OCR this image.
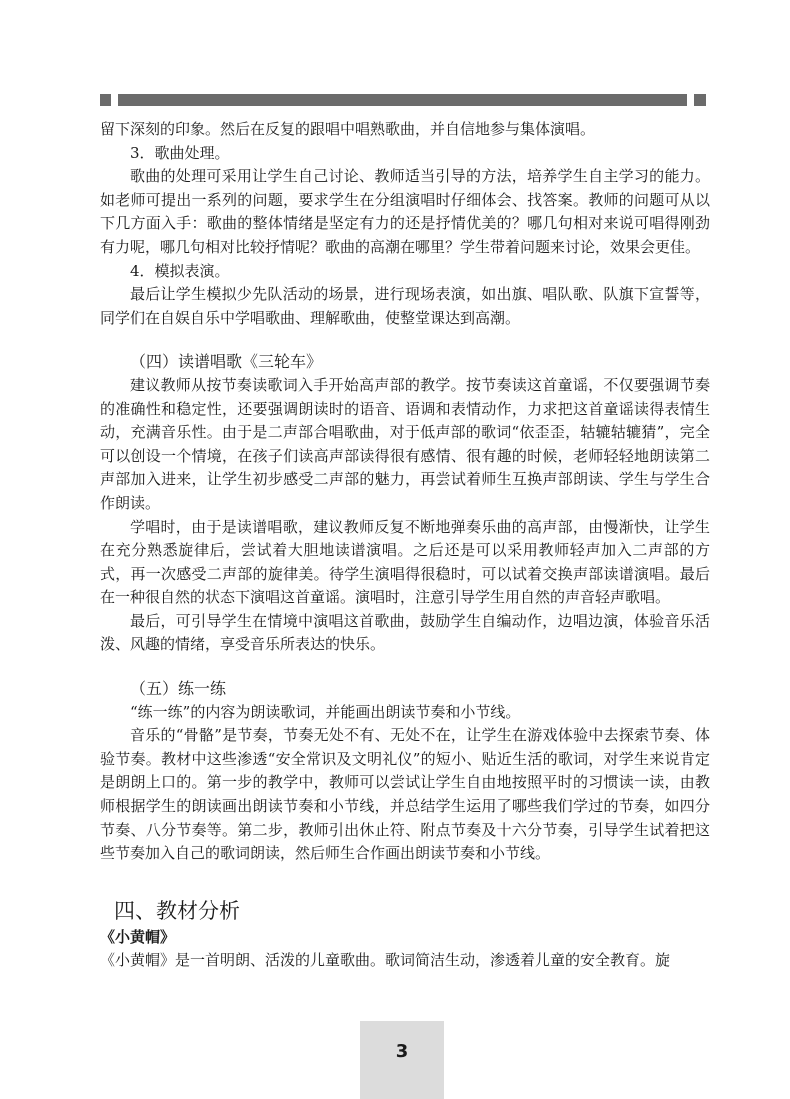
留下深刻的印象。然后在反复的跟唱中唱熟歌曲，并自信地参与集体演唱。

3．歌曲处理。

歌曲的处理可采用让学生自己讨论、教师适当引导的方法，培养学生自主学习的能力。如老师可提出一系列的问题，要求学生在分组演唱时仔细体会、找答案。教师的问题可从以下几方面入手：歌曲的整体情绪是坚定有力的还是抒情优美的？哪几句相对来说可唱得刚劲有力呢，哪几句相对比较抒情呢？歌曲的高潮在哪里？学生带着问题来讨论，效果会更佳。

4．模拟表演。

最后让学生模拟少先队活动的场景，进行现场表演，如出旗、唱队歌、队旗下宣誓等，同学们在自娱自乐中学唱歌曲、理解歌曲，使整堂课达到高潮。

（四）读谱唱歌《三轮车》

建议教师从按节奏读歌词入手开始高声部的教学。按节奏读这首童谣，不仅要强调节奏的准确性和稳定性，还要强调朗读时的语音、语调和表情动作，力求把这首童谣读得表情生动，充满音乐性。由于是二声部合唱歌曲，对于低声部的歌词“依歪歪，轱辘轱辘猜”，完全可以创设一个情境，在孩子们读高声部读得很有感情、很有趣的时候，老师轻轻地朗读第二声部加入进来，让学生初步感受二声部的魅力，再尝试着师生互换声部朗读、学生与学生合作朗读。

学唱时，由于是读谱唱歌，建议教师反复不断地弹奏乐曲的高声部，由慢渐快，让学生在充分熟悉旋律后，尝试着大胆地读谱演唱。之后还是可以采用教师轻声加入二声部的方式，再一次感受二声部的旋律美。待学生演唱得很稳时，可以试着交换声部读谱演唱。最后在一种很自然的状态下演唱这首童谣。演唱时，注意引导学生用自然的声音轻声歌唱。

最后，可引导学生在情境中演唱这首歌曲，鼓励学生自编动作，边唱边演，体验音乐活泼、风趣的情绪，享受音乐所表达的快乐。

（五）练一练

“练一练”的内容为朗读歌词，并能画出朗读节奏和小节线。

音乐的“骨骼”是节奏，节奏无处不有、无处不在，让学生在游戏体验中去探索节奏、体验节奏。教材中这些渗透“安全常识及文明礼仪”的短小、贴近生活的歌词，对学生来说肯定是朗朗上口的。第一步的教学中，教师可以尝试让学生自由地按照平时的习惯读一读，由教师根据学生的朗读画出朗读节奏和小节线，并总结学生运用了哪些我们学过的节奏，如四分节奏、八分节奏等。第二步，教师引出休止符、附点节奏及十六分节奏，引导学生试着把这些节奏加入自己的歌词朗读，然后师生合作画出朗读节奏和小节线。

四、教材分析

《小黄帽》

《小黄帽》是一首明朗、活泼的儿童歌曲。歌词简洁生动，渗透着儿童的安全教育。旋

3
